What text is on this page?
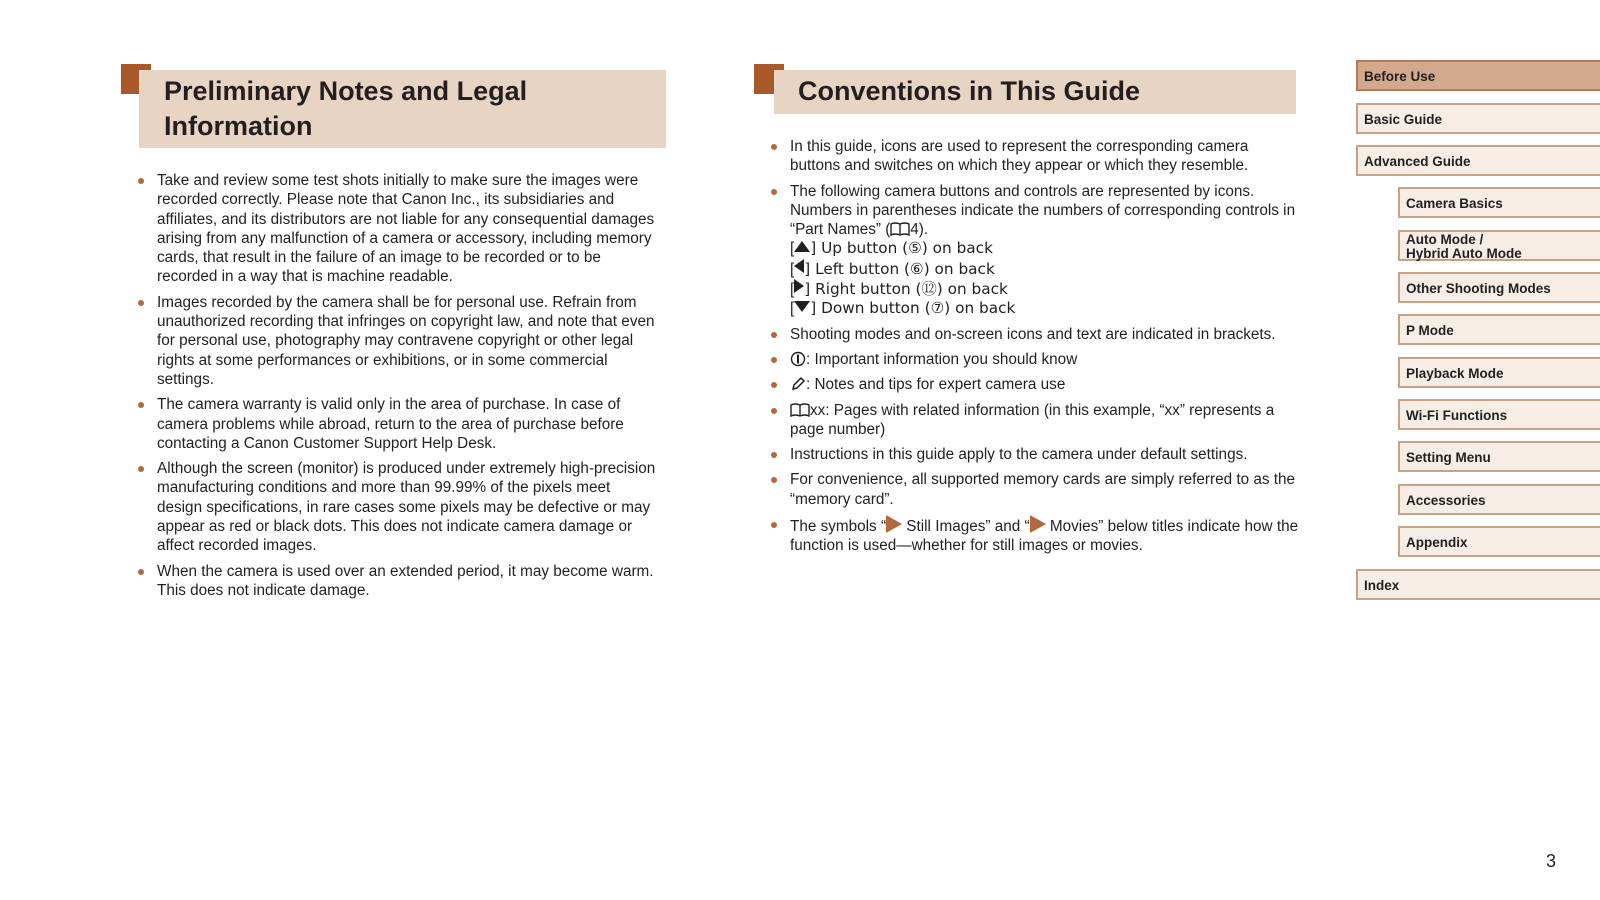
Preliminary Notes and Legal
Information
Take and review some test shots initially to make sure the images were recorded correctly. Please note that Canon Inc., its subsidiaries and affiliates, and its distributors are not liable for any consequential damages arising from any malfunction of a camera or accessory, including memory cards, that result in the failure of an image to be recorded or to be recorded in a way that is machine readable.
Images recorded by the camera shall be for personal use. Refrain from unauthorized recording that infringes on copyright law, and note that even for personal use, photography may contravene copyright or other legal rights at some performances or exhibitions, or in some commercial settings.
The camera warranty is valid only in the area of purchase. In case of camera problems while abroad, return to the area of purchase before contacting a Canon Customer Support Help Desk.
Although the screen (monitor) is produced under extremely high-precision manufacturing conditions and more than 99.99% of the pixels meet design specifications, in rare cases some pixels may be defective or may appear as red or black dots. This does not indicate camera damage or affect recorded images.
When the camera is used over an extended period, it may become warm. This does not indicate damage.
Conventions in This Guide
In this guide, icons are used to represent the corresponding camera buttons and switches on which they appear or which they resemble.
The following camera buttons and controls are represented by icons. Numbers in parentheses indicate the numbers of corresponding controls in “Part Names” ( 4).
[ ] Up button (⑤) on back
[ ] Left button (⑥) on back
[ ] Right button (⑫) on back
[ ] Down button (⑦) on back
Shooting modes and on-screen icons and text are indicated in brackets.
: Important information you should know
: Notes and tips for expert camera use
xx: Pages with related information (in this example, “xx” represents a page number)
Instructions in this guide apply to the camera under default settings.
For convenience, all supported memory cards are simply referred to as the “memory card”.
The symbols “ Still Images” and “ Movies” below titles indicate how the function is used—whether for still images or movies.
Before Use
Basic Guide
Advanced Guide
Camera Basics
Auto Mode /
Hybrid Auto Mode
Other Shooting Modes
P Mode
Playback Mode
Wi-Fi Functions
Setting Menu
Accessories
Appendix
Index
3
